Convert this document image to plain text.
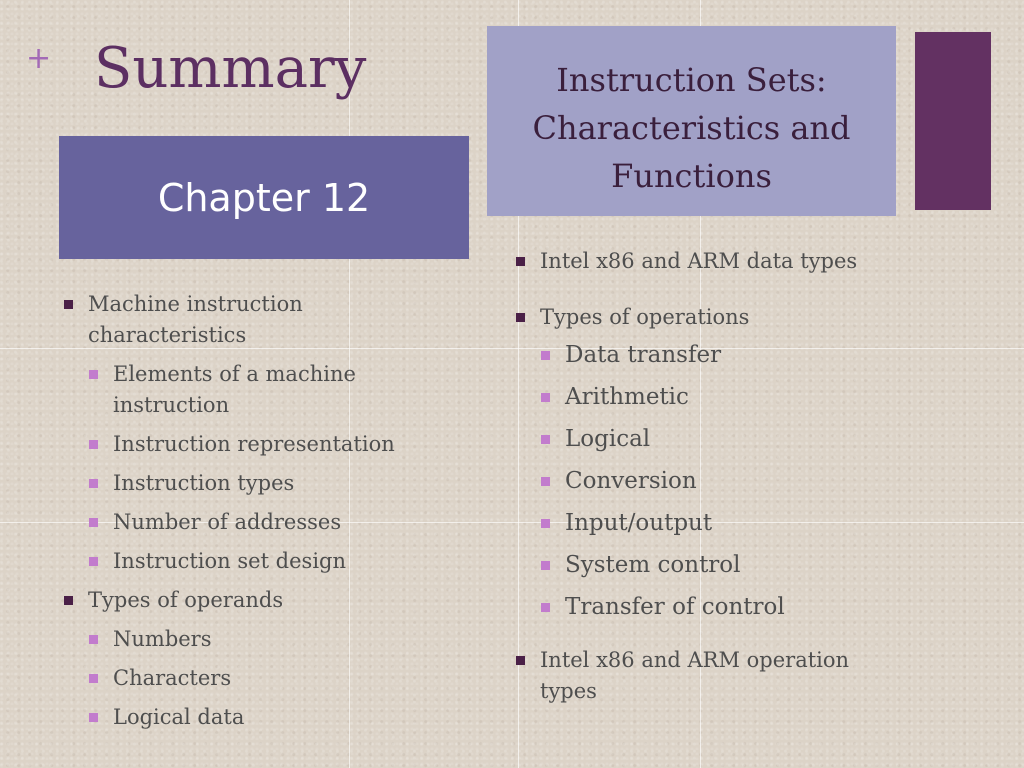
+ Summary
Chapter 12
Instruction Sets:
Characteristics and
Functions
Machine instruction characteristics
Elements of a machine instruction
Instruction representation
Instruction types
Number of addresses
Instruction set design
Types of operands
Numbers
Characters
Logical data
Intel x86 and ARM data types
Types of operations
Data transfer
Arithmetic
Logical
Conversion
Input/output
System control
Transfer of control
Intel x86 and ARM operation types
